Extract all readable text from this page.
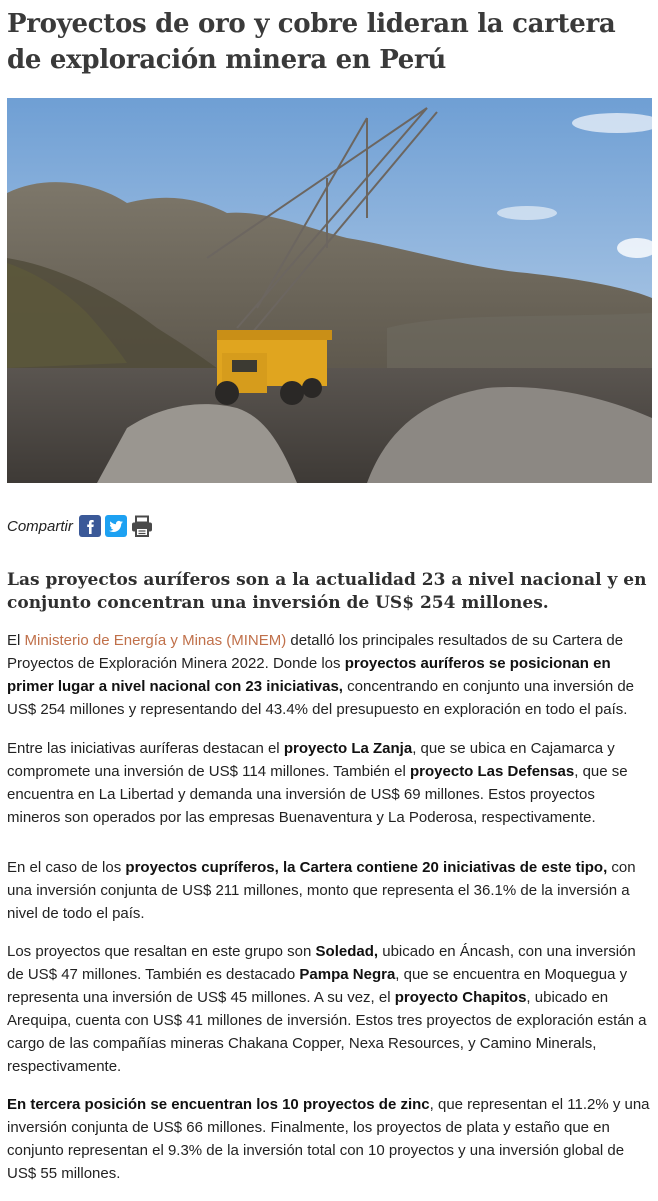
Proyectos de oro y cobre lideran la cartera de exploración minera en Perú
Compartir
Las proyectos auríferos son a la actualidad 23 a nivel nacional y en conjunto concentran una inversión de US$ 254 millones.

El Ministerio de Energía y Minas (MINEM) detalló los principales resultados de su Cartera de Proyectos de Exploración Minera 2022. Donde los proyectos auríferos se posicionan en primer lugar a nivel nacional con 23 iniciativas, concentrando en conjunto una inversión de US$ 254 millones y representando del 43.4% del presupuesto en exploración en todo el país.

Entre las iniciativas auríferas destacan el proyecto La Zanja, que se ubica en Cajamarca y compromete una inversión de US$ 114 millones. También el proyecto Las Defensas, que se encuentra en La Libertad y demanda una inversión de US$ 69 millones. Estos proyectos mineros son operados por las empresas Buenaventura y La Poderosa, respectivamente.

En el caso de los proyectos cupríferos, la Cartera contiene 20 iniciativas de este tipo, con una inversión conjunta de US$ 211 millones, monto que representa el 36.1% de la inversión a nivel de todo el país.

Los proyectos que resaltan en este grupo son Soledad, ubicado en Áncash, con una inversión de US$ 47 millones. También es destacado Pampa Negra, que se encuentra en Moquegua y representa una inversión de US$ 45 millones. A su vez, el proyecto Chapitos, ubicado en Arequipa, cuenta con US$ 41 millones de inversión. Estos tres proyectos de exploración están a cargo de las compañías mineras Chakana Copper, Nexa Resources, y Camino Minerals, respectivamente.

En tercera posición se encuentran los 10 proyectos de zinc, que representan el 11.2% y una inversión conjunta de US$ 66 millones. Finalmente, los proyectos de plata y estaño que en conjunto representan el 9.3% de la inversión total con 10 proyectos y una inversión global de US$ 55 millones.
